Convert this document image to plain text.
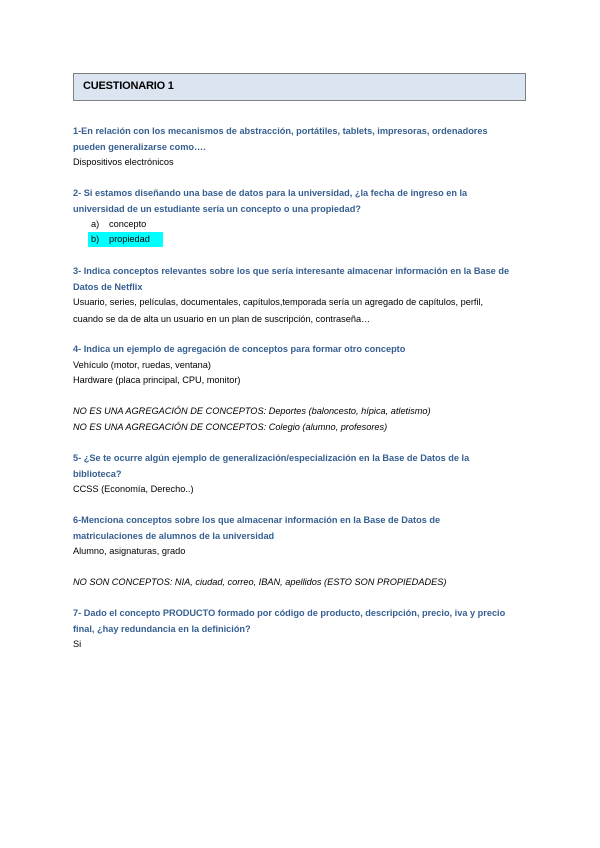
CUESTIONARIO 1
1-En relación con los mecanismos de abstracción, portátiles, tablets, impresoras, ordenadores
pueden generalizarse como….
Dispositivos electrónicos
2- Si estamos diseñando una base de datos para la universidad, ¿la fecha de ingreso en la
universidad de un estudiante sería un concepto o una propiedad?
a) concepto
b) propiedad
3- Indica conceptos relevantes sobre los que sería interesante almacenar información en la Base de
Datos de Netflix
Usuario, series, películas, documentales, capítulos,temporada sería un agregado de capítulos, perfil,
cuando se da de alta un usuario en un plan de suscripción, contraseña…
4- Indica un ejemplo de agregación de conceptos para formar otro concepto
Vehículo (motor, ruedas, ventana)
Hardware (placa principal, CPU, monitor)
NO ES UNA AGREGACIÓN DE CONCEPTOS: Deportes (baloncesto, hípica, atletismo)
NO ES UNA AGREGACIÓN DE CONCEPTOS: Colegio (alumno, profesores)
5- ¿Se te ocurre algún ejemplo de generalización/especialización en la Base de Datos de la
biblioteca?
CCSS (Economía, Derecho..)
6-Menciona conceptos sobre los que almacenar información en la Base de Datos de
matriculaciones de alumnos de la universidad
Alumno, asignaturas, grado
NO SON CONCEPTOS: NIA, ciudad, correo, IBAN, apellidos (ESTO SON PROPIEDADES)
7- Dado el concepto PRODUCTO formado por código de producto, descripción, precio, iva y precio
final, ¿hay redundancia en la definición?
Si
